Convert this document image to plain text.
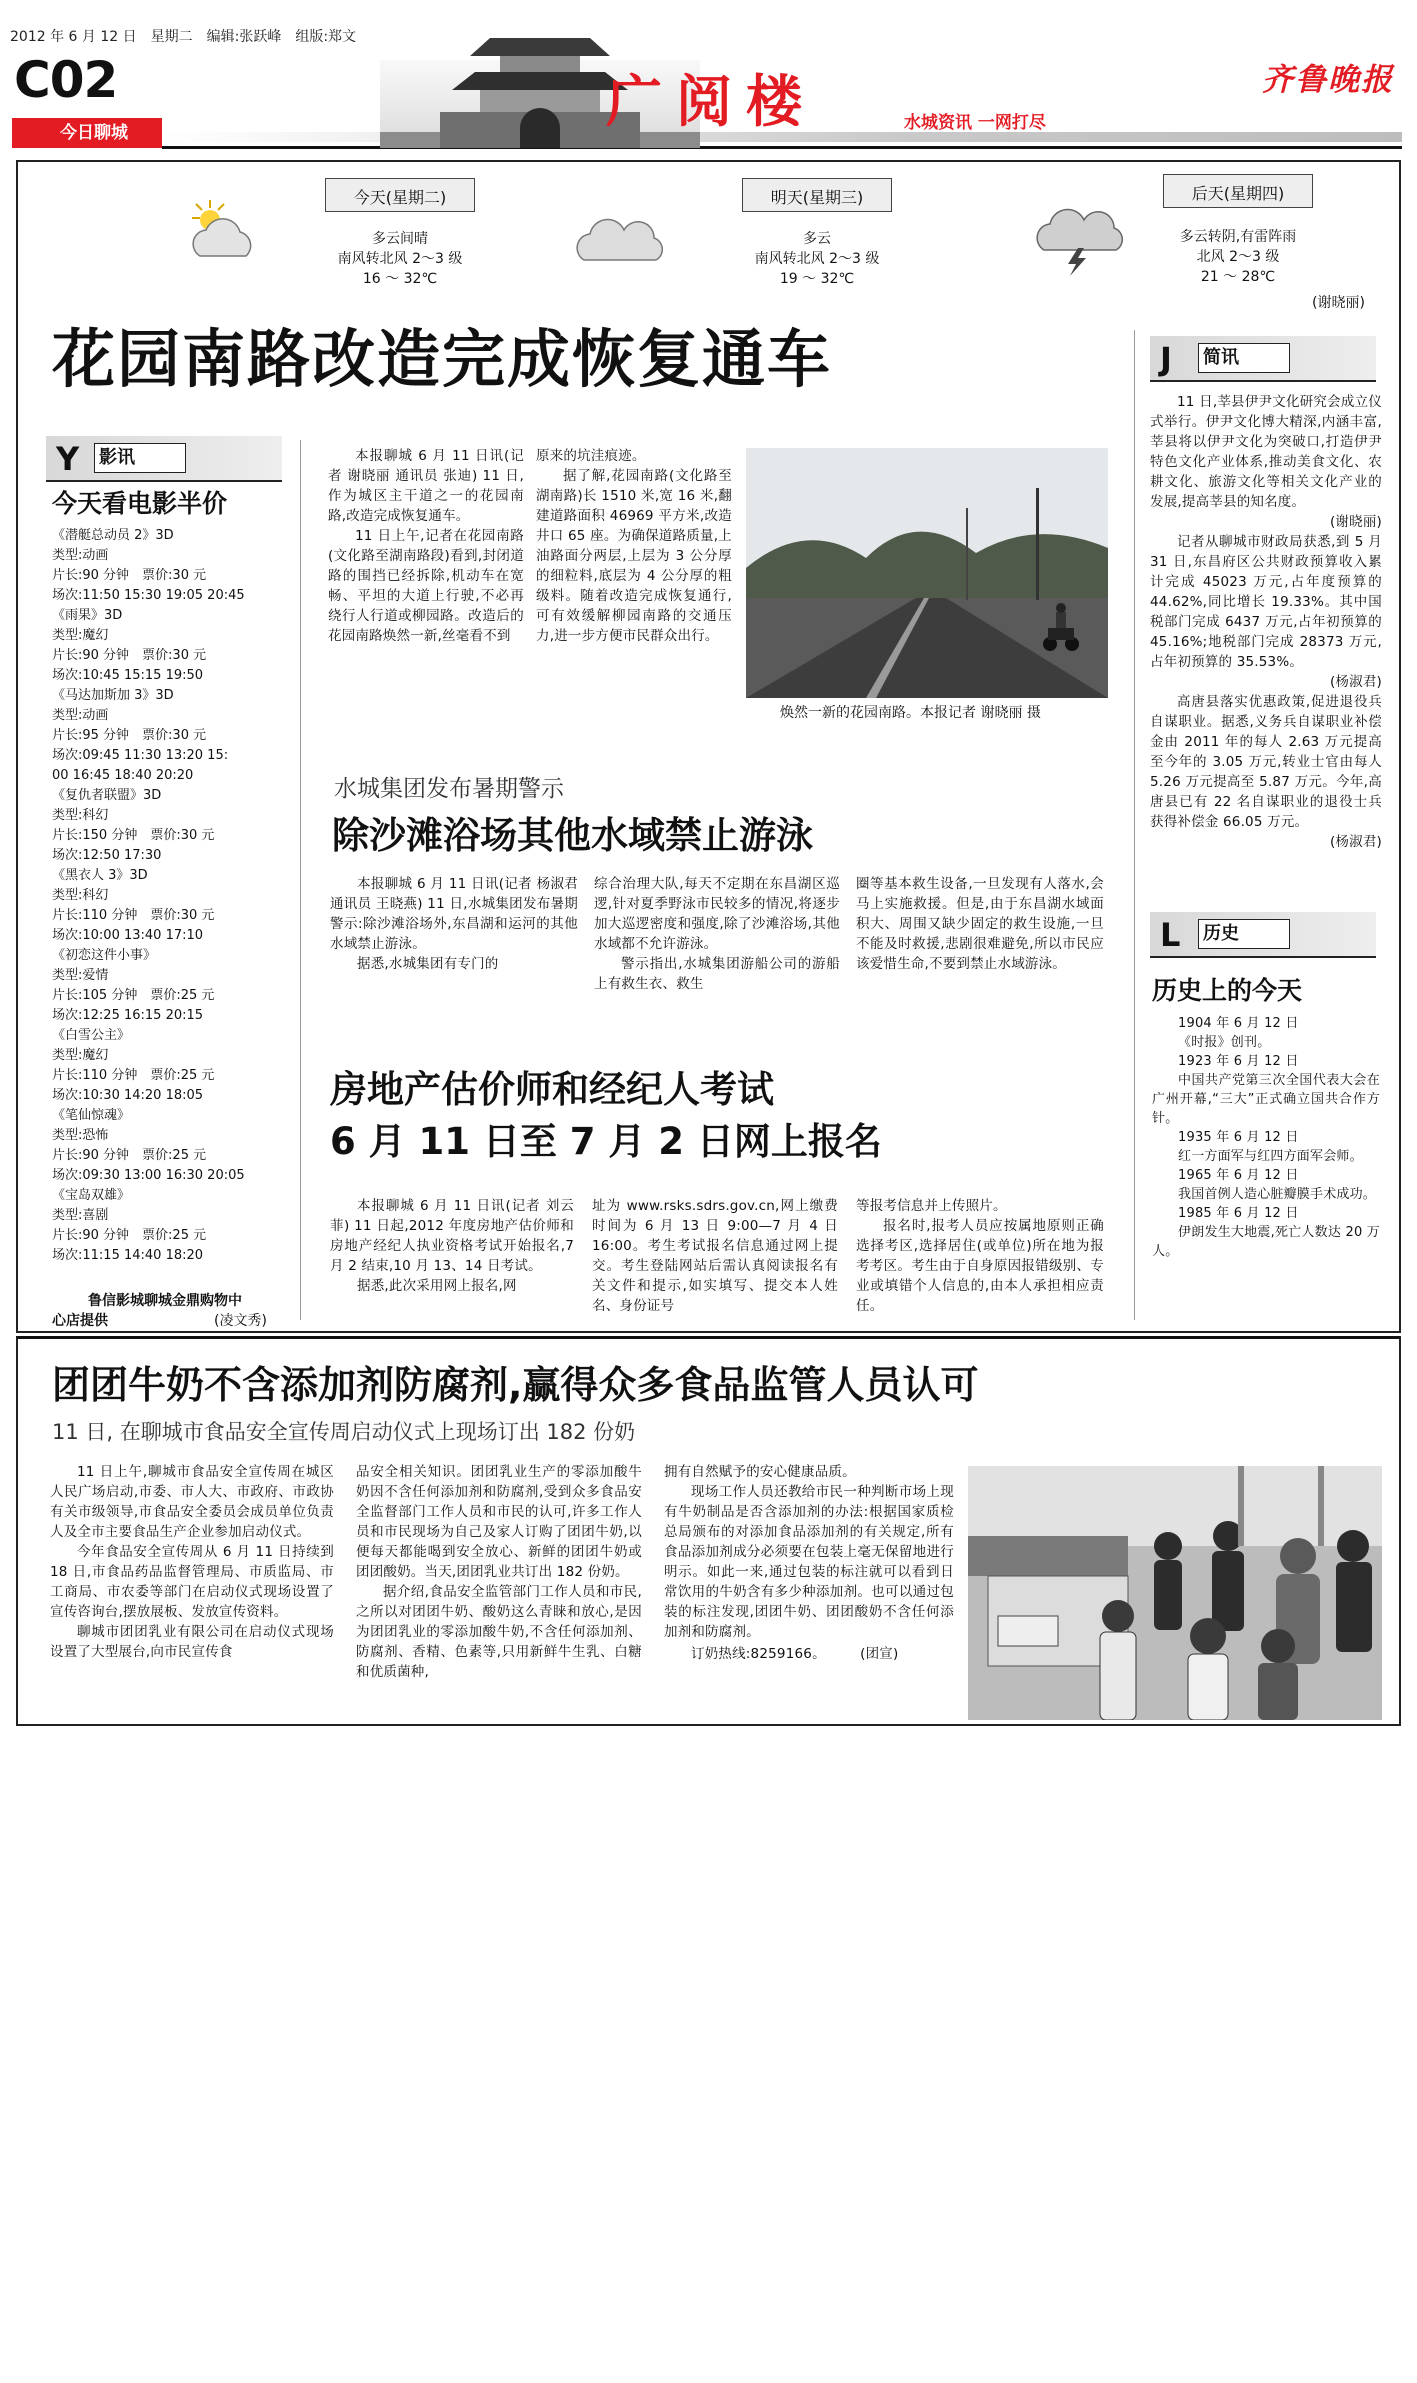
2012 年 6 月 12 日　星期二　编辑:张跃峰　组版:郑文
C02
今日聊城	广阅楼	水城资讯 一网打尽
齐鲁晚报
今天(星期二)
多云间晴
南风转北风 2～3 级
16 ～ 32℃
明天(星期三)
多云
南风转北风 2～3 级
19 ～ 32℃
后天(星期四)
多云转阴,有雷阵雨
北风 2～3 级
21 ～ 28℃
(谢晓丽)
花园南路改造完成恢复通车
Y 影讯
今天看电影半价
《潜艇总动员 2》3D
类型:动画
片长:90 分钟　票价:30 元
场次:11:50 15:30 19:05 20:45
《雨果》3D
类型:魔幻
片长:90 分钟　票价:30 元
场次:10:45 15:15 19:50
《马达加斯加 3》3D
类型:动画
片长:95 分钟　票价:30 元
场次:09:45 11:30 13:20 15:
00 16:45 18:40 20:20
《复仇者联盟》3D
类型:科幻
片长:150 分钟　票价:30 元
场次:12:50 17:30
《黑衣人 3》3D
类型:科幻
片长:110 分钟　票价:30 元
场次:10:00 13:40 17:10
《初恋这件小事》
类型:爱情
片长:105 分钟　票价:25 元
场次:12:25 16:15 20:15
《白雪公主》
类型:魔幻
片长:110 分钟　票价:25 元
场次:10:30 14:20 18:05
《笔仙惊魂》
类型:恐怖
片长:90 分钟　票价:25 元
场次:09:30 13:00 16:30 20:05
《宝岛双雄》
类型:喜剧
片长:90 分钟　票价:25 元
场次:11:15 14:40 18:20
鲁信影城聊城金鼎购物中
心店提供	(凌文秀)
本报聊城 6 月 11 日讯(记者 谢晓丽 通讯员 张迪) 11 日,作为城区主干道之一的花园南路,改造完成恢复通车。
11 日上午,记者在花园南路(文化路至湖南路段)看到,封闭道路的围挡已经拆除,机动车在宽畅、平坦的大道上行驶,不必再绕行人行道或柳园路。改造后的花园南路焕然一新,丝毫看不到
原来的坑洼痕迹。
据了解,花园南路(文化路至湖南路)长 1510 米,宽 16 米,翻建道路面积 46969 平方米,改造井口 65 座。为确保道路质量,上油路面分两层,上层为 3 公分厚的细粒料,底层为 4 公分厚的粗级料。随着改造完成恢复通行,可有效缓解柳园南路的交通压力,进一步方便市民群众出行。
焕然一新的花园南路。本报记者 谢晓丽 摄
水城集团发布暑期警示
除沙滩浴场其他水域禁止游泳
本报聊城 6 月 11 日讯(记者 杨淑君 通讯员 王晓燕) 11 日,水城集团发布暑期警示:除沙滩浴场外,东昌湖和运河的其他水域禁止游泳。
据悉,水城集团有专门的
综合治理大队,每天不定期在东昌湖区巡逻,针对夏季野泳市民较多的情况,将逐步加大巡逻密度和强度,除了沙滩浴场,其他水域都不允许游泳。
警示指出,水城集团游船公司的游船上有救生衣、救生
圈等基本救生设备,一旦发现有人落水,会马上实施救援。但是,由于东昌湖水域面积大、周围又缺少固定的救生设施,一旦不能及时救援,悲剧很难避免,所以市民应该爱惜生命,不要到禁止水域游泳。
房地产估价师和经纪人考试
6 月 11 日至 7 月 2 日网上报名
本报聊城 6 月 11 日讯(记者 刘云菲) 11 日起,2012 年度房地产估价师和房地产经纪人执业资格考试开始报名,7 月 2 结束,10 月 13、14 日考试。
据悉,此次采用网上报名,网
址为 www.rsks.sdrs.gov.cn,网上缴费时间为 6 月 13 日 9:00—7 月 4 日 16:00。考生考试报名信息通过网上提交。考生登陆网站后需认真阅读报名有关文件和提示,如实填写、提交本人姓名、身份证号
等报考信息并上传照片。
报名时,报考人员应按属地原则正确选择考区,选择居住(或单位)所在地为报考考区。考生由于自身原因报错级别、专业或填错个人信息的,由本人承担相应责任。
J 简讯
11 日,莘县伊尹文化研究会成立仪式举行。伊尹文化博大精深,内涵丰富,莘县将以伊尹文化为突破口,打造伊尹特色文化产业体系,推动美食文化、农耕文化、旅游文化等相关文化产业的发展,提高莘县的知名度。
(谢晓丽)
记者从聊城市财政局获悉,到 5 月 31 日,东昌府区公共财政预算收入累计完成 45023 万元,占年度预算的 44.62%,同比增长 19.33%。其中国税部门完成 6437 万元,占年初预算的 45.16%;地税部门完成 28373 万元,占年初预算的 35.53%。
(杨淑君)
高唐县落实优惠政策,促进退役兵自谋职业。据悉,义务兵自谋职业补偿金由 2011 年的每人 2.63 万元提高至今年的 3.05 万元,转业士官由每人 5.26 万元提高至 5.87 万元。今年,高唐县已有 22 名自谋职业的退役士兵获得补偿金 66.05 万元。
(杨淑君)
L 历史
历史上的今天
1904 年 6 月 12 日
《时报》创刊。
1923 年 6 月 12 日
中国共产党第三次全国代表大会在广州开幕,“三大”正式确立国共合作方针。
1935 年 6 月 12 日
红一方面军与红四方面军会师。
1965 年 6 月 12 日
我国首例人造心脏瓣膜手术成功。
1985 年 6 月 12 日
伊朗发生大地震,死亡人数达 20 万人。
团团牛奶不含添加剂防腐剂,赢得众多食品监管人员认可
11 日, 在聊城市食品安全宣传周启动仪式上现场订出 182 份奶
11 日上午,聊城市食品安全宣传周在城区人民广场启动,市委、市人大、市政府、市政协有关市级领导,市食品安全委员会成员单位负责人及全市主要食品生产企业参加启动仪式。
今年食品安全宣传周从 6 月 11 日持续到 18 日,市食品药品监督管理局、市质监局、市工商局、市农委等部门在启动仪式现场设置了宣传咨询台,摆放展板、发放宣传资料。
聊城市团团乳业有限公司在启动仪式现场设置了大型展台,向市民宣传食
品安全相关知识。团团乳业生产的零添加酸牛奶因不含任何添加剂和防腐剂,受到众多食品安全监督部门工作人员和市民的认可,许多工作人员和市民现场为自己及家人订购了团团牛奶,以便每天都能喝到安全放心、新鲜的团团牛奶或团团酸奶。当天,团团乳业共订出 182 份奶。
据介绍,食品安全监管部门工作人员和市民,之所以对团团牛奶、酸奶这么青睐和放心,是因为团团乳业的零添加酸牛奶,不含任何添加剂、防腐剂、香精、色素等,只用新鲜牛生乳、白糖和优质菌种,
拥有自然赋予的安心健康品质。
现场工作人员还教给市民一种判断市场上现有牛奶制品是否含添加剂的办法:根据国家质检总局颁布的对添加食品添加剂的有关规定,所有食品添加剂成分必须要在包装上毫无保留地进行明示。如此一来,通过包装的标注就可以看到日常饮用的牛奶含有多少种添加剂。也可以通过包装的标注发现,团团牛奶、团团酸奶不含任何添加剂和防腐剂。
订奶热线:8259166。　　　	(团宣)
